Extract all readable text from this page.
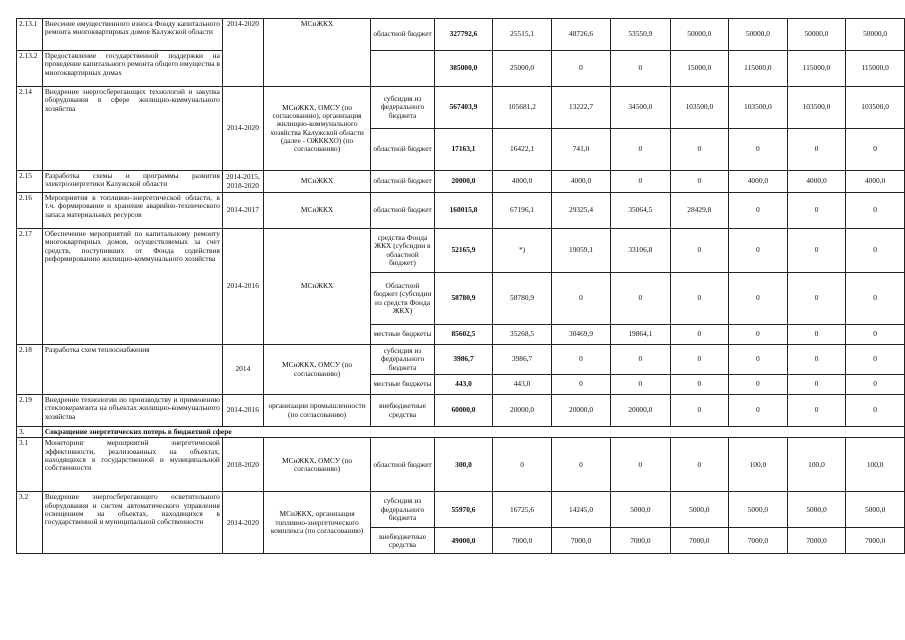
2.13.1	Внесение имущественного взноса Фонду капитального ремонта многоквартирных домов Калужской области	2014-2020	МСиЖКХ	областной бюджет	327792,6	25515,1	48726,6	53550,9	50000,0	50000,0	50000,0	50000,0
2.13.2	Предоставление государственной поддержки на проведение капитального ремонта общего имущества в многоквартирных домах				385000,0	25000,0	0	0	15000,0	115000,0	115000,0	115000,0
2.14	Внедрение энергосберегающих технологий и закупка оборудования в сфере жилищно-коммунального хозяйства	2014-2020	МСиЖКХ, ОМСУ (по согласованию), организация жилищно-коммунального хозяйства Калужской области (далее - ОЖККХО) (по согласованию)	субсидия из федерального бюджета	567403,9	105681,2	13222,7	34500,0	103500,0	103500,0	103500,0	103500,0
				областной бюджет	17163,1	16422,1	741,0	0	0	0	0	0
2.15	Разработка схемы и программы развития электроэнергетики Калужской области	2014-2015, 2018-2020	МСиЖКХ	областной бюджет	20000,0	4000,0	4000,0	0	0	4000,0	4000,0	4000,0
2.16	Мероприятия в топливно-энергетической области, в т.ч. формирование и хранение аварийно-технического запаса материальных ресурсов	2014-2017	МСиЖКХ	областной бюджет	160015,8	67196,1	29325,4	35064,5	28429,8	0	0	0
2.17	Обеспечение мероприятий по капитальному ремонту многоквартирных домов, осуществляемых за счет средств, поступивших от Фонда содействия реформированию жилищно-коммунального хозяйства	2014-2016	МСиЖКХ	средства Фонда ЖКХ (субсидии в областной бюджет)	52165,9	*)	19059,1	33106,8	0	0	0	0
				Областной бюджет (субсидии из средств Фонда ЖКХ)	58780,9	58780,9	0	0	0	0	0	0
				местные бюджеты	85602,5	35268,5	30469,9	19864,1	0	0	0	0
2.18	Разработка схем теплоснабжения	2014	МСиЖКХ, ОМСУ (по согласованию)	субсидия из федерального бюджета	3986,7	3986,7	0	0	0	0	0	0
				местные бюджеты	443,0	443,0	0	0	0	0	0	0
2.19	Внедрение технологии по производству и применению стеклокерамзита на объектах жилищно-коммунального хозяйства	2014-2016	организации промышленности (по согласованию)	внебюджетные средства	60000,0	20000,0	20000,0	20000,0	0	0	0	0
3.	Сокращение энергетических потерь в бюджетной сфере											
3.1	Мониторинг мероприятий энергетической эффективности, реализованных на объектах, находящихся в государственной и муниципальной собственности	2018-2020	МСиЖКХ, ОМСУ (по согласованию)	областной бюджет	300,0	0	0	0	0	100,0	100,0	100,0
3.2	Внедрение энергосберегающего осветительного оборудования и систем автоматического управления освещением на объектах, находящихся в государственной и муниципальной собственности	2014-2020	МСиЖКХ, организация топливно-энергетического комплекса (по согласованию)	субсидия из федерального бюджета	55970,6	16725,6	14245,0	5000,0	5000,0	5000,0	5000,0	5000,0
				внебюджетные средства	49000,0	7000,0	7000,0	7000,0	7000,0	7000,0	7000,0	7000,0
